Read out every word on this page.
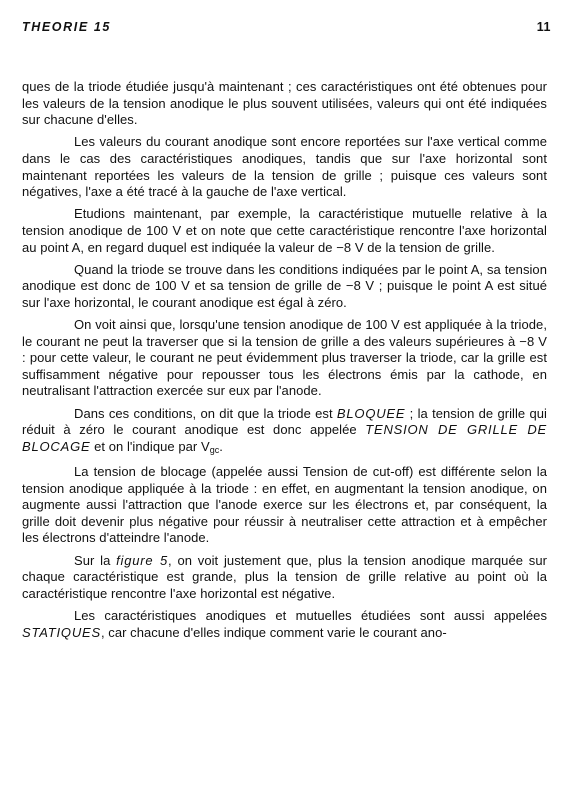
THEORIE 15	11

ques de la triode étudiée jusqu'à maintenant ; ces caractéristiques ont été obtenues pour les valeurs de la tension anodique le plus souvent utilisées, valeurs qui ont été indiquées sur chacune d'elles.

Les valeurs du courant anodique sont encore reportées sur l'axe vertical comme dans le cas des caractéristiques anodiques, tandis que sur l'axe horizontal sont maintenant reportées les valeurs de la tension de grille ; puisque ces valeurs sont négatives, l'axe a été tracé à la gauche de l'axe vertical.

Etudions maintenant, par exemple, la caractéristique mutuelle relative à la tension anodique de 100 V et on note que cette caractéristique rencontre l'axe horizontal au point A, en regard duquel est indiquée la valeur de −8 V de la tension de grille.

Quand la triode se trouve dans les conditions indiquées par le point A, sa tension anodique est donc de 100 V et sa tension de grille de −8 V ; puisque le point A est situé sur l'axe horizontal, le courant anodique est égal à zéro.

On voit ainsi que, lorsqu'une tension anodique de 100 V est appliquée à la triode, le courant ne peut la traverser que si la tension de grille a des valeurs supérieures à −8 V : pour cette valeur, le courant ne peut évidemment plus traverser la triode, car la grille est suffisamment négative pour repousser tous les électrons émis par la cathode, en neutralisant l'attraction exercée sur eux par l'anode.

Dans ces conditions, on dit que la triode est BLOQUEE ; la tension de grille qui réduit à zéro le courant anodique est donc appelée TENSION DE GRILLE DE BLOCAGE et on l'indique par $V_{gc}$.

La tension de blocage (appelée aussi Tension de cut-off) est différente selon la tension anodique appliquée à la triode : en effet, en augmentant la tension anodique, on augmente aussi l'attraction que l'anode exerce sur les électrons et, par conséquent, la grille doit devenir plus négative pour réussir à neutraliser cette attraction et à empêcher les électrons d'atteindre l'anode.

Sur la figure 5, on voit justement que, plus la tension anodique marquée sur chaque caractéristique est grande, plus la tension de grille relative au point où la caractéristique rencontre l'axe horizontal est négative.

Les caractéristiques anodiques et mutuelles étudiées sont aussi appelées STATIQUES, car chacune d'elles indique comment varie le courant ano-
